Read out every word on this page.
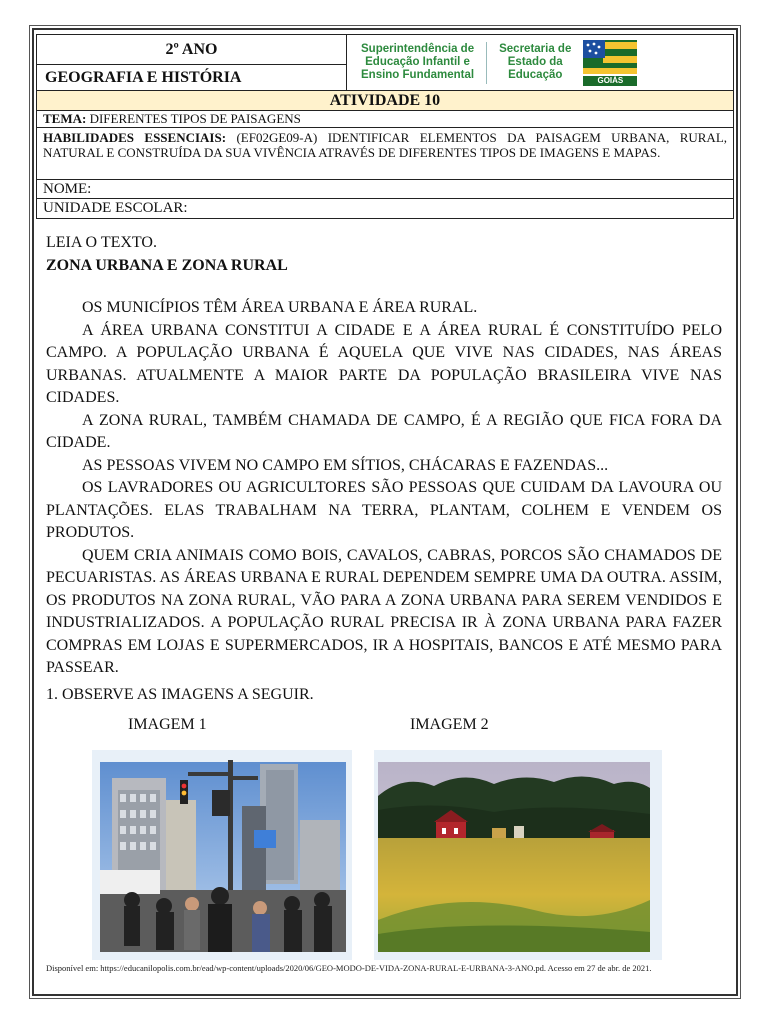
2º ANO
GEOGRAFIA E HISTÓRIA
Superintendência de
Educação Infantil e
Ensino Fundamental
Secretaria de
Estado da
Educação	GOIÁS
ATIVIDADE 10
TEMA:
DIFERENTES TIPOS DE PAISAGENS
HABILIDADES ESSENCIAIS: (EF02GE09-A) IDENTIFICAR ELEMENTOS DA PAISAGEM URBANA, RURAL, NATURAL E CONSTRUÍDA DA SUA VIVÊNCIA ATRAVÉS DE DIFERENTES TIPOS DE IMAGENS E MAPAS.
NOME:
UNIDADE ESCOLAR:
LEIA O TEXTO.
ZONA URBANA E ZONA RURAL

OS MUNICÍPIOS TÊM ÁREA URBANA E ÁREA RURAL.

A ÁREA URBANA CONSTITUI A CIDADE E A ÁREA RURAL É CONSTITUÍDO PELO CAMPO. A POPULAÇÃO URBANA É AQUELA QUE VIVE NAS CIDADES, NAS ÁREAS URBANAS. ATUALMENTE A MAIOR PARTE DA POPULAÇÃO BRASILEIRA VIVE NAS CIDADES.

A ZONA RURAL, TAMBÉM CHAMADA DE CAMPO, É A REGIÃO QUE FICA FORA DA CIDADE.

AS PESSOAS VIVEM NO CAMPO EM SÍTIOS, CHÁCARAS E FAZENDAS...

OS LAVRADORES OU AGRICULTORES SÃO PESSOAS QUE CUIDAM DA LAVOURA OU PLANTAÇÕES. ELAS TRABALHAM NA TERRA, PLANTAM, COLHEM E VENDEM OS PRODUTOS.

QUEM CRIA ANIMAIS COMO BOIS, CAVALOS, CABRAS, PORCOS SÃO CHAMADOS DE PECUARISTAS. AS ÁREAS URBANA E RURAL DEPENDEM SEMPRE UMA DA OUTRA. ASSIM, OS PRODUTOS NA ZONA RURAL, VÃO PARA A ZONA URBANA PARA SEREM VENDIDOS E INDUSTRIALIZADOS. A POPULAÇÃO RURAL PRECISA IR À ZONA URBANA PARA FAZER COMPRAS EM LOJAS E SUPERMERCADOS, IR A HOSPITAIS, BANCOS E ATÉ MESMO PARA PASSEAR.

1. OBSERVE AS IMAGENS A SEGUIR.
IMAGEM 1	IMAGEM 2
Disponível em: https://educanilopolis.com.br/ead/wp-content/uploads/2020/06/GEO-MODO-DE-VIDA-ZONA-RURAL-E-URBANA-3-ANO.pd. Acesso em 27 de abr. de 2021.
